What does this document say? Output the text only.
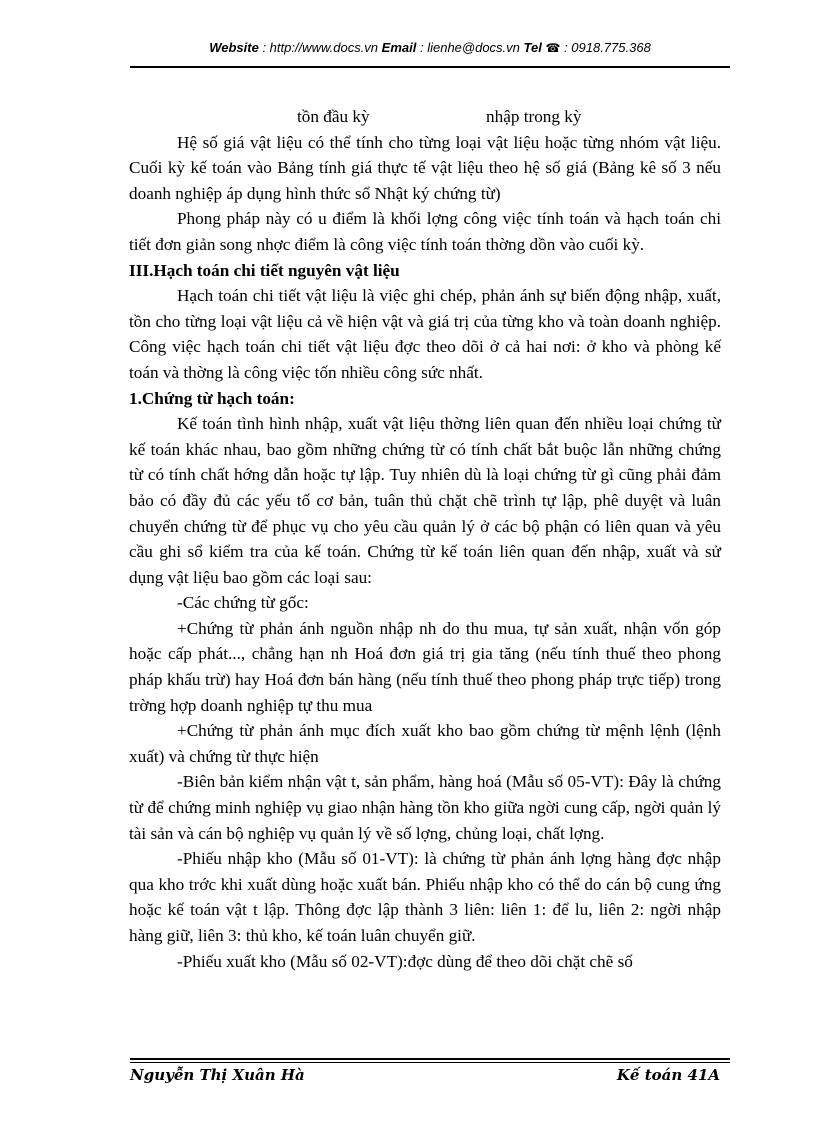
Website : http://www.docs.vn Email : lienhe@docs.vn Tel ☎ : 0918.775.368
tồn đầu kỳ	nhập trong kỳ

Hệ số giá vật liệu có thể tính cho từng loại vật liệu hoặc từng nhóm vật liệu. Cuối kỳ kế toán vào Bảng tính giá thực tế vật liệu theo hệ số giá (Bảng kê số 3 nếu doanh nghiệp áp dụng hình thức sổ Nhật ký chứng từ)

Phong pháp này có u điểm là khối lợng công việc tính toán và hạch toán chi tiết đơn giản song nhợc điểm là công việc tính toán thờng dồn vào cuối kỳ.

III.Hạch toán chi tiết nguyên vật liệu

Hạch toán chi tiết vật liệu là việc ghi chép, phản ánh sự biến động nhập, xuất, tồn cho từng loại vật liệu cả về hiện vật và giá trị của từng kho và toàn doanh nghiệp. Công việc hạch toán chi tiết vật liệu đợc theo dõi ở cả hai nơi: ở kho và phòng kế toán và thờng là công việc tốn nhiều công sức nhất.

1.Chứng từ hạch toán:

Kế toán tình hình nhập, xuất vật liệu thờng liên quan đến nhiều loại chứng từ kế toán khác nhau, bao gồm những chứng từ có tính chất bắt buộc lẫn những chứng từ có tính chất hớng dẫn hoặc tự lập. Tuy nhiên dù là loại chứng từ gì cũng phải đảm bảo có đầy đủ các yếu tố cơ bản, tuân thủ chặt chẽ trình tự lập, phê duyệt và luân chuyển chứng từ để phục vụ cho yêu cầu quản lý ở các bộ phận có liên quan và yêu cầu ghi sổ kiểm tra của kế toán. Chứng từ kế toán liên quan đến nhập, xuất và sử dụng vật liệu bao gồm các loại sau:

-Các chứng từ gốc:

+Chứng từ phản ánh nguồn nhập nh do thu mua, tự sản xuất, nhận vốn góp hoặc cấp phát..., chẳng hạn nh Hoá đơn giá trị gia tăng (nếu tính thuế theo phong pháp khấu trừ) hay Hoá đơn bán hàng (nếu tính thuế theo phong pháp trực tiếp) trong trờng hợp doanh nghiệp tự thu mua

+Chứng từ phản ánh mục đích xuất kho bao gồm chứng từ mệnh lệnh (lệnh xuất) và chứng từ thực hiện

-Biên bản kiểm nhận vật t, sản phẩm, hàng hoá (Mẫu số 05-VT): Đây là chứng từ để chứng minh nghiệp vụ giao nhận hàng tồn kho giữa ngời cung cấp, ngời quản lý tài sản và cán bộ nghiệp vụ quản lý về số lợng, chủng loại, chất lợng.

-Phiếu nhập kho (Mẫu số 01-VT): là chứng từ phản ánh lợng hàng đợc nhập qua kho trớc khi xuất dùng hoặc xuất bán. Phiếu nhập kho có thể do cán bộ cung ứng hoặc kế toán vật t lập. Thông đợc lập thành 3 liên: liên 1: để lu, liên 2: ngời nhập hàng giữ, liên 3: thủ kho, kế toán luân chuyển giữ.

-Phiếu xuất kho (Mẫu số 02-VT):đợc dùng để theo dõi chặt chẽ số

Nguyễn Thị Xuân Hà	Kế toán 41A
